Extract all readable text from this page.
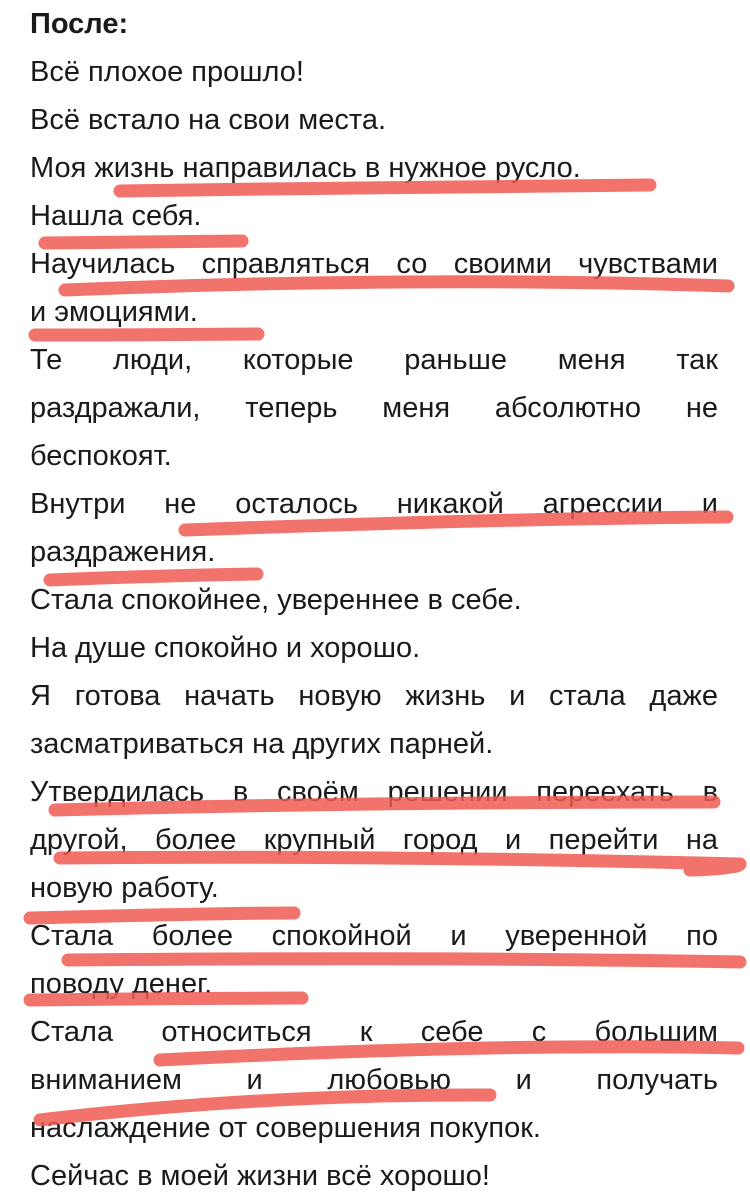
После:

Всё плохое прошло!

Всё встало на свои места.

Моя жизнь направилась в нужное русло.

Нашла себя.

Научилась справляться со своими чувствами
и эмоциями.

Те люди, которые раньше меня так
раздражали, теперь меня абсолютно не
беспокоят.

Внутри не осталось никакой агрессии и
раздражения.

Стала спокойнее, увереннее в себе.

На душе спокойно и хорошо.

Я готова начать новую жизнь и стала даже
засматриваться на других парней.

Утвердилась в своём решении переехать в
другой, более крупный город и перейти на
новую работу.

Стала более спокойной и уверенной по
поводу денег.

Стала относиться к себе с большим
вниманием и любовью и получать
наслаждение от совершения покупок.

Сейчас в моей жизни всё хорошо!
